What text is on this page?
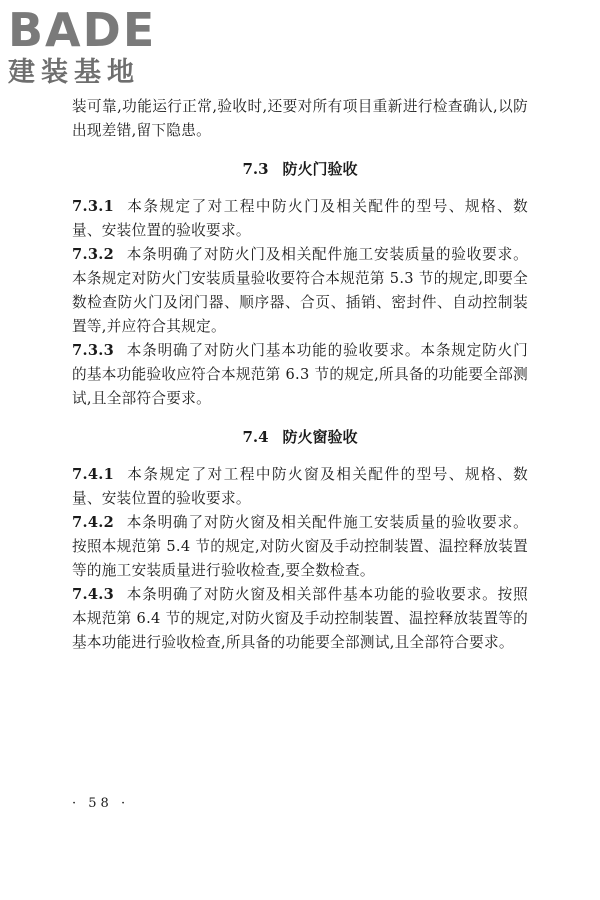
BADE
建装基地

装可靠,功能运行正常,验收时,还要对所有项目重新进行检查确认,以防出现差错,留下隐患。

7.3 防火门验收

7.3.1 本条规定了对工程中防火门及相关配件的型号、规格、数量、安装位置的验收要求。

7.3.2 本条明确了对防火门及相关配件施工安装质量的验收要求。本条规定对防火门安装质量验收要符合本规范第 5.3 节的规定,即要全数检查防火门及闭门器、顺序器、合页、插销、密封件、自动控制装置等,并应符合其规定。

7.3.3 本条明确了对防火门基本功能的验收要求。本条规定防火门的基本功能验收应符合本规范第 6.3 节的规定,所具备的功能要全部测试,且全部符合要求。

7.4 防火窗验收

7.4.1 本条规定了对工程中防火窗及相关配件的型号、规格、数量、安装位置的验收要求。

7.4.2 本条明确了对防火窗及相关配件施工安装质量的验收要求。按照本规范第 5.4 节的规定,对防火窗及手动控制装置、温控释放装置等的施工安装质量进行验收检查,要全数检查。

7.4.3 本条明确了对防火窗及相关部件基本功能的验收要求。按照本规范第 6.4 节的规定,对防火窗及手动控制装置、温控释放装置等的基本功能进行验收检查,所具备的功能要全部测试,且全部符合要求。

· 58 ·
